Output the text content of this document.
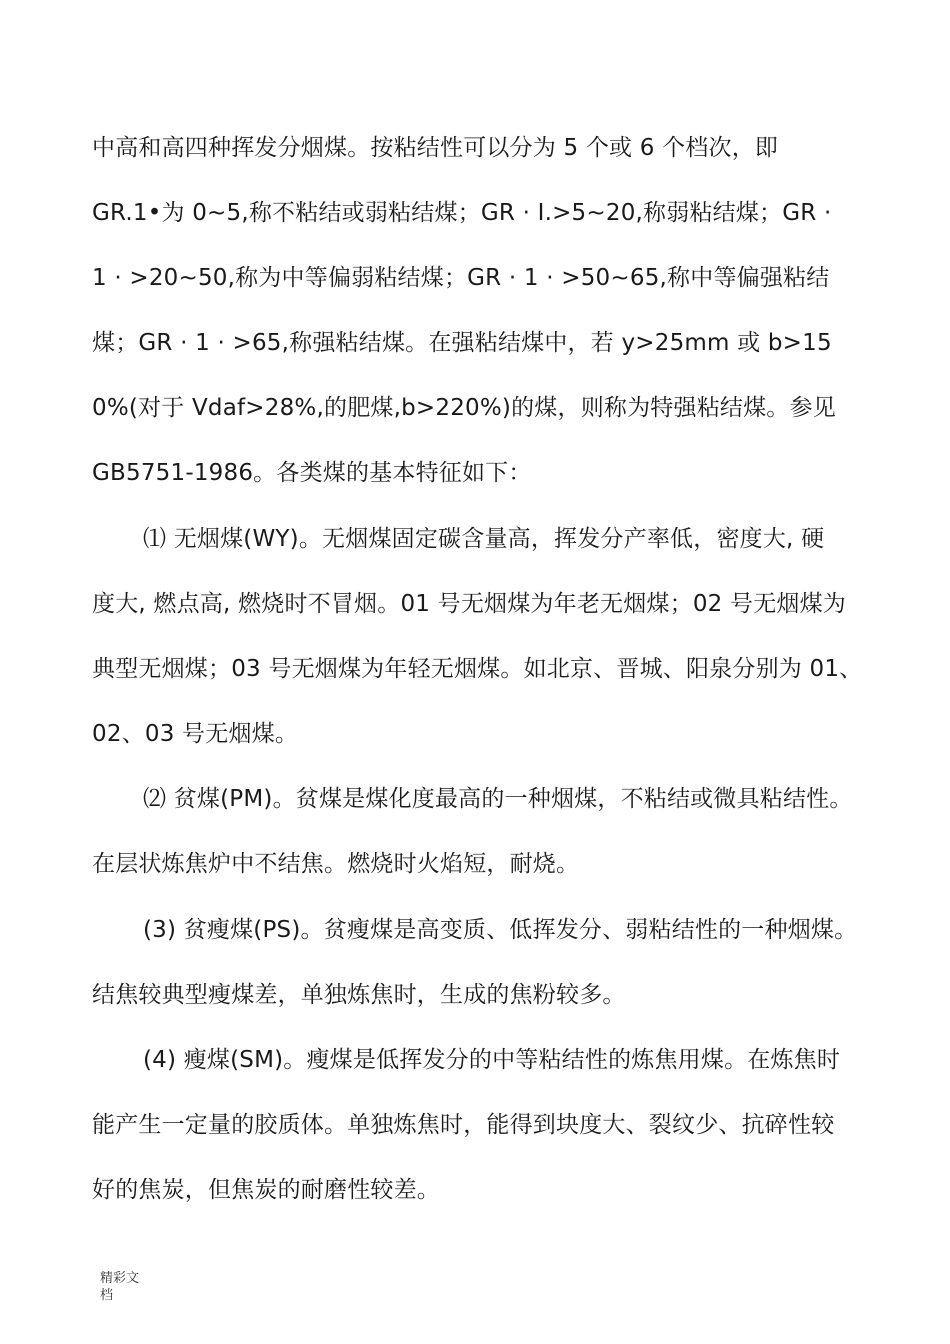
中高和高四种挥发分烟煤。按粘结性可以分为 5 个或 6 个档次，即
GR.1•为 0~5,称不粘结或弱粘结煤；GR · I.>5~20,称弱粘结煤；GR ·
1 · >20~50,称为中等偏弱粘结煤；GR · 1 · >50~65,称中等偏强粘结
煤；GR · 1 · >65,称强粘结煤。在强粘结煤中，若 y>25mm 或 b>15
0%(对于 Vdaf>28%,的肥煤,b>220%)的煤，则称为特强粘结煤。参见
GB5751-1986。各类煤的基本特征如下：
⑴ 无烟煤(WY)。无烟煤固定碳含量高，挥发分产率低，密度大, 硬
度大, 燃点高, 燃烧时不冒烟。01 号无烟煤为年老无烟煤；02 号无烟煤为
典型无烟煤；03 号无烟煤为年轻无烟煤。如北京、晋城、阳泉分别为 01、
02、03 号无烟煤。
⑵ 贫煤(PM)。贫煤是煤化度最高的一种烟煤，不粘结或微具粘结性。
在层状炼焦炉中不结焦。燃烧时火焰短，耐烧。
(3) 贫瘦煤(PS)。贫瘦煤是高变质、低挥发分、弱粘结性的一种烟煤。
结焦较典型瘦煤差，单独炼焦时，生成的焦粉较多。
(4) 瘦煤(SM)。瘦煤是低挥发分的中等粘结性的炼焦用煤。在炼焦时
能产生一定量的胶质体。单独炼焦时，能得到块度大、裂纹少、抗碎性较
好的焦炭，但焦炭的耐磨性较差。
精彩文
档
